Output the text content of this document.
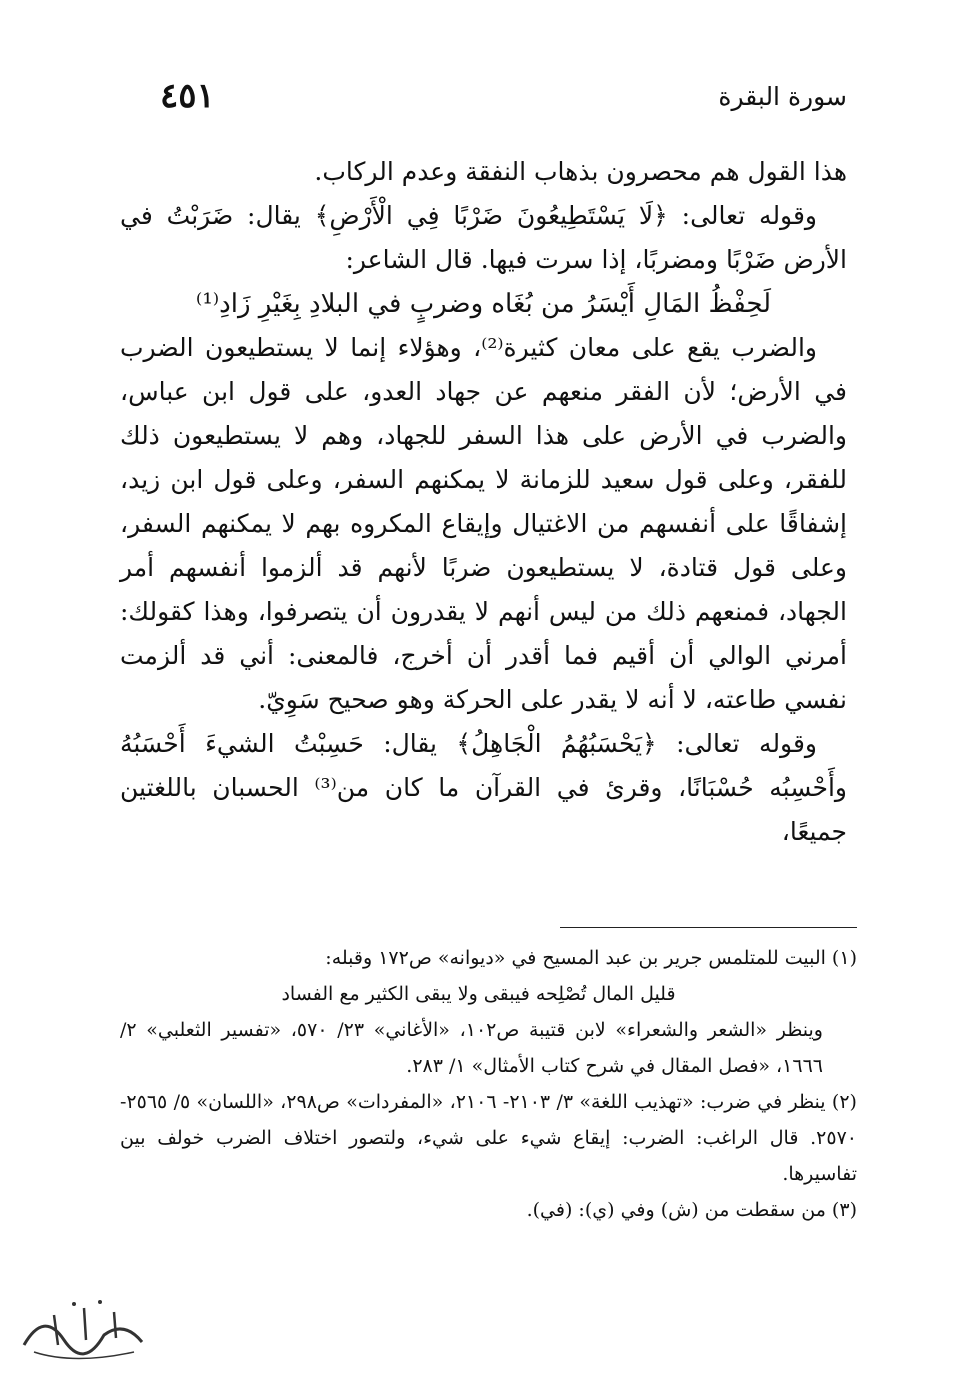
سورة البقرة
٤٥١

هذا القول هم محصرون بذهاب النفقة وعدم الركاب.

وقوله تعالى: ﴿لَا يَسْتَطِيعُونَ ضَرْبًا فِي الْأَرْضِ﴾ يقال: ضَرَبْتُ في الأرض ضَرْبًا ومضربًا، إذا سرت فيها. قال الشاعر:

لَحِفْظُ المَالِ أَيْسَرُ من بُغَاه وضربٍ في البلادِ بِغَيْرِ زَادِ⁽¹⁾

والضرب يقع على معان كثيرة⁽²⁾، وهؤلاء إنما لا يستطيعون الضرب في الأرض؛ لأن الفقر منعهم عن جهاد العدو، على قول ابن عباس، والضرب في الأرض على هذا السفر للجهاد، وهم لا يستطيعون ذلك للفقر، وعلى قول سعيد للزمانة لا يمكنهم السفر، وعلى قول ابن زيد، إشفاقًا على أنفسهم من الاغتيال وإيقاع المكروه بهم لا يمكنهم السفر، وعلى قول قتادة، لا يستطيعون ضربًا لأنهم قد ألزموا أنفسهم أمر الجهاد، فمنعهم ذلك من ليس أنهم لا يقدرون أن يتصرفوا، وهذا كقولك: أمرني الوالي أن أقيم فما أقدر أن أخرج، فالمعنى: أني قد ألزمت نفسي طاعته، لا أنه لا يقدر على الحركة وهو صحيح سَوِيّ.

وقوله تعالى: ﴿يَحْسَبُهُمُ الْجَاهِلُ﴾ يقال: حَسِبْتُ الشيءَ أَحْسَبُهُ وأَحْسِبُه حُسْبَانًا، وقرئ في القرآن ما كان من⁽³⁾ الحسبان باللغتين جميعًا،

(١) البيت للمتلمس جرير بن عبد المسيح في «ديوانه» ص١٧٢ وقبله:

قليل المال تُصْلِحه فيبقى ولا يبقى الكثير مع الفساد

وينظر «الشعر والشعراء» لابن قتيبة ص١٠٢، «الأغاني» ٢٣/ ٥٧٠، «تفسير الثعلبي» ٢/ ١٦٦٦، «فصل المقال في شرح كتاب الأمثال» ١/ ٢٨٣.

(٢) ينظر في ضرب: «تهذيب اللغة» ٣/ ٢١٠٣- ٢١٠٦، «المفردات» ص٢٩٨، «اللسان» ٥/ ٢٥٦٥- ٢٥٧٠. قال الراغب: الضرب: إيقاع شيء على شيء، ولتصور اختلاف الضرب خولف بين تفاسيرها.

(٣) من سقطت من (ش) وفي (ي): (في).
